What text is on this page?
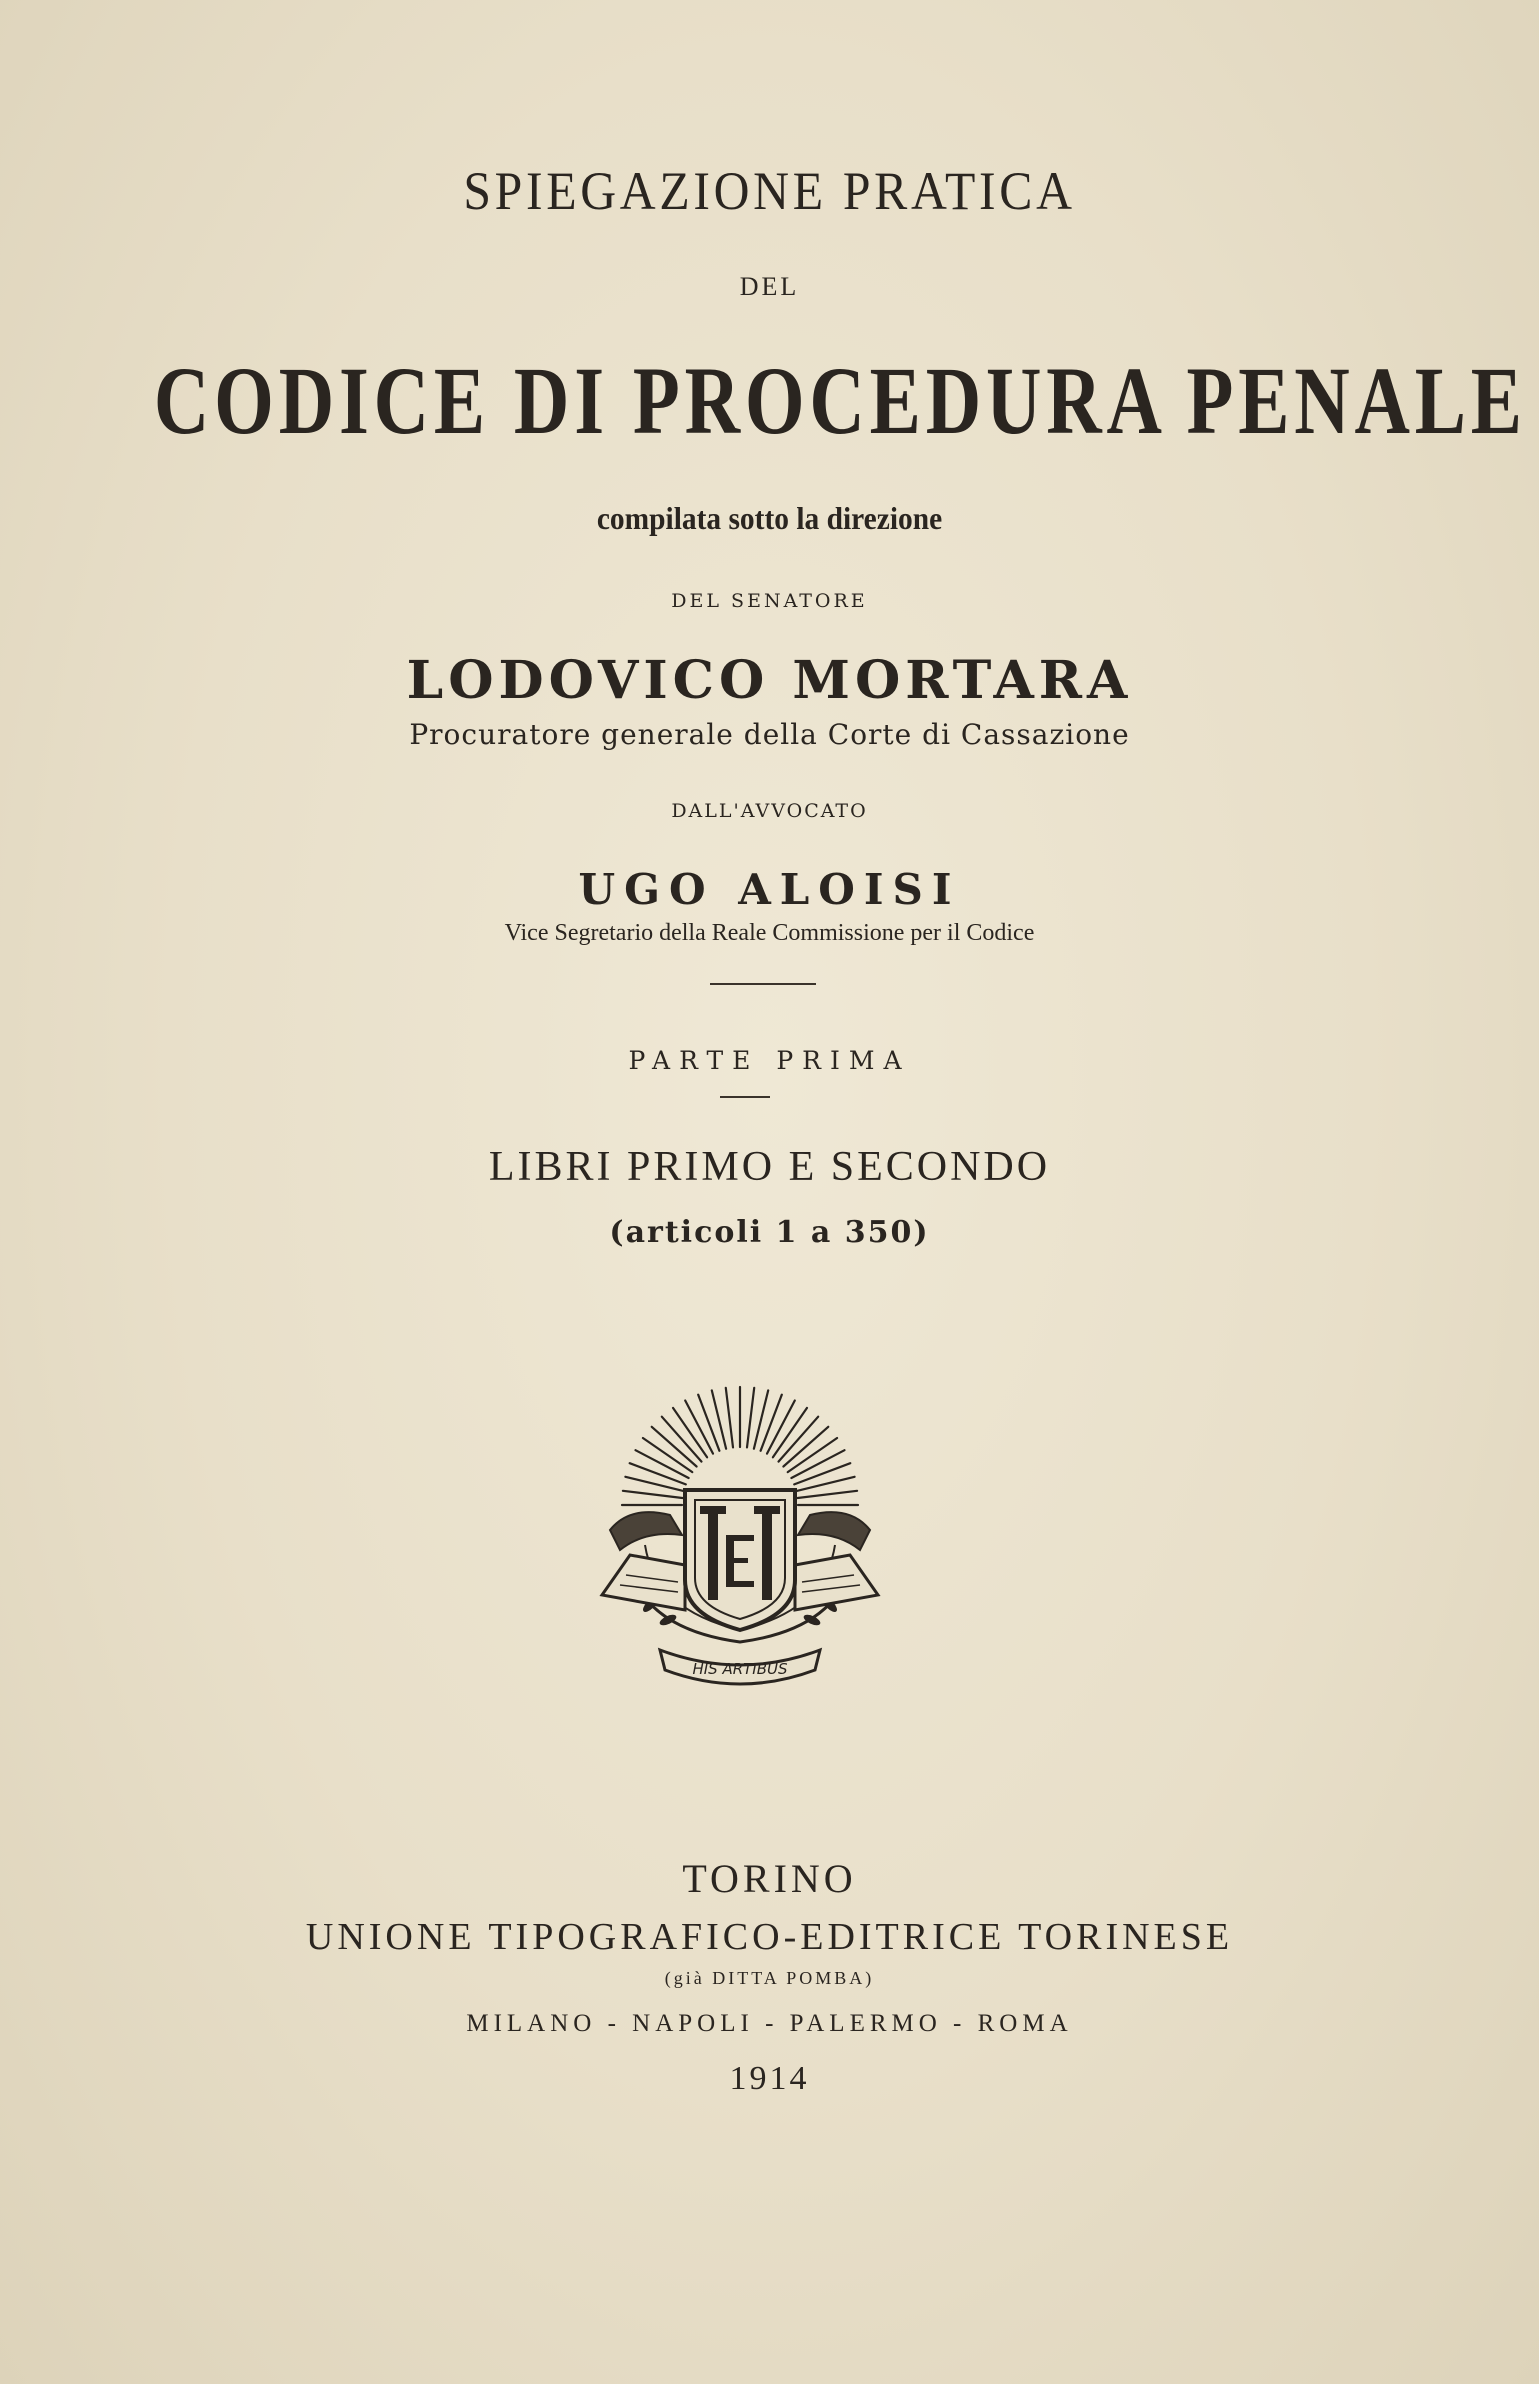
SPIEGAZIONE PRATICA
DEL
CODICE DI PROCEDURA PENALE
compilata sotto la direzione
DEL SENATORE
LODOVICO MORTARA
Procuratore generale della Corte di Cassazione
DALL'AVVOCATO
UGO ALOISI
Vice Segretario della Reale Commissione per il Codice
PARTE PRIMA
LIBRI PRIMO E SECONDO
(articoli 1 a 350)
HIS ARTIBUS
TORINO
UNIONE TIPOGRAFICO-EDITRICE TORINESE
(già DITTA POMBA)
MILANO - NAPOLI - PALERMO - ROMA
1914
